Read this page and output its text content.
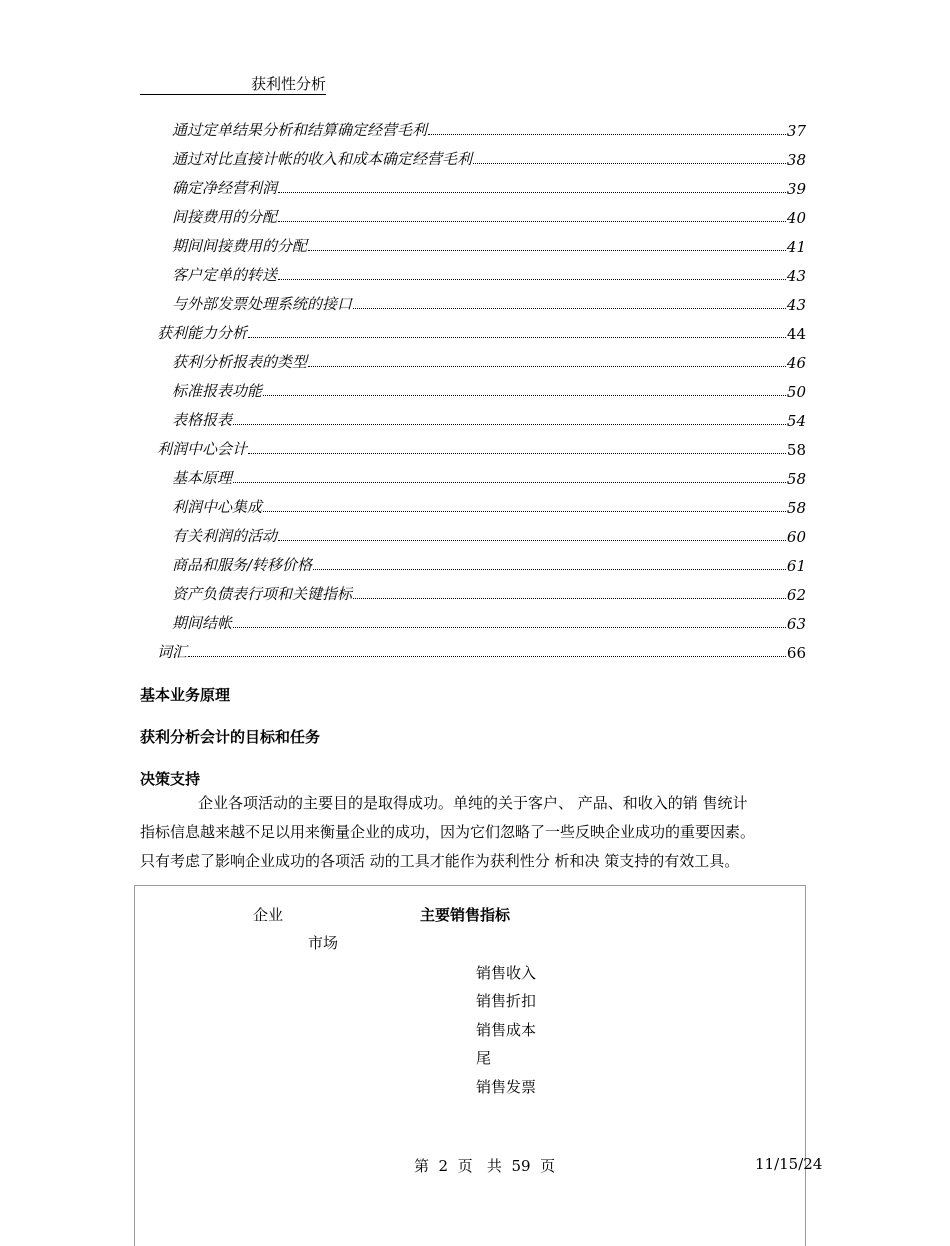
获利性分析
通过定单结果分析和结算确定经营毛利	37
通过对比直接计帐的收入和成本确定经营毛利	38
确定净经营利润	39
间接费用的分配	40
期间间接费用的分配	41
客户定单的转送	43
与外部发票处理系统的接口	43
获利能力分析	44
获利分析报表的类型	46
标准报表功能	50
表格报表	54
利润中心会计	58
基本原理	58
利润中心集成	58
有关利润的活动	60
商品和服务/转移价格	61
资产负债表行项和关键指标	62
期间结帐	63
词汇	66
基本业务原理
获利分析会计的目标和任务
决策支持

企业各项活动的主要目的是取得成功。单纯的关于客户、 产品、和收入的销 售统计

指标信息越来越不足以用来衡量企业的成功，因为它们忽略了一些反映企业成功的重要因素。

只有考虑了影响企业成功的各项活 动的工具才能作为获利性分 析和决 策支持的有效工具。

企业
市场
主要销售指标
销售收入
销售折扣
销售成本
尾
销售发票
第  2  页   共  59  页	11/15/24
